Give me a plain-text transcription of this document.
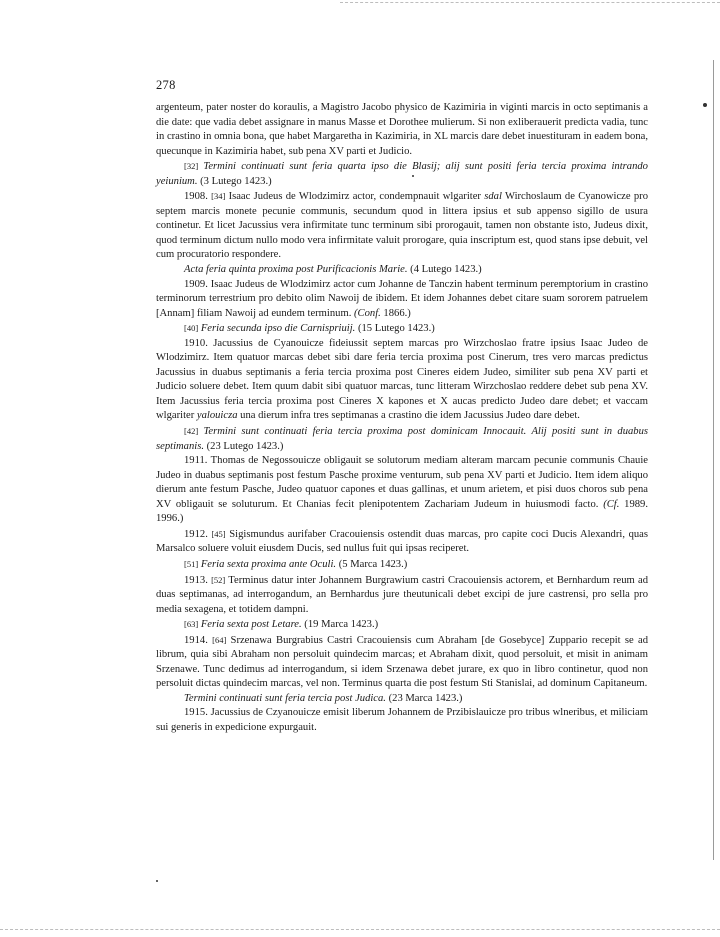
278

argenteum, pater noster do koraulis, a Magistro Jacobo physico de Kazimiria in viginti marcis in octo septimanis a die date: que vadia debet assignare in manus Masse et Dorothee mulierum. Si non exliberauerit predicta vadia, tunc in crastino in omnia bona, que habet Margaretha in Kazimiria, in XL marcis dare debet inuestituram in eadem bona, quecunque in Kazimiria habet, sub pena XV parti et Judicio.

[32] Termini continuati sunt feria quarta ipso die Blasij; alij sunt positi feria tercia proxima intrando yeiunium. (3 Lutego 1423.)

1908. [34] Isaac Judeus de Wlodzimirz actor, condempnauit wlgariter sdal Wirchoslaum de Cyanowicze pro septem marcis monete pecunie communis, secundum quod in littera ipsius et sub appenso sigillo de usura continetur. Et licet Jacussius vera infirmitate tunc terminum sibi prorogauit, tamen non obstante isto, Judeus dixit, quod terminum dictum nullo modo vera infirmitate valuit prorogare, quia inscriptum est, quod stans ipse debuit, vel cum procuratorio respondere.

Acta feria quinta proxima post Purificacionis Marie. (4 Lutego 1423.)

1909. Isaac Judeus de Wlodzimirz actor cum Johanne de Tanczin habent terminum peremptorium in crastino terminorum terrestrium pro debito olim Nawoij de ibidem. Et idem Johannes debet citare suam sororem patruelem [Annam] filiam Nawoij ad eundem terminum. (Conf. 1866.)

[40] Feria secunda ipso die Carnispriuij. (15 Lutego 1423.)

1910. Jacussius de Cyanouicze fideiussit septem marcas pro Wirzchoslao fratre ipsius Isaac Judeo de Wlodzimirz. Item quatuor marcas debet sibi dare feria tercia proxima post Cinerum, tres vero marcas predictus Jacussius in duabus septimanis a feria tercia proxima post Cineres eidem Judeo, similiter sub pena XV parti et Judicio soluere debet. Item quum dabit sibi quatuor marcas, tunc litteram Wirzchoslao reddere debet sub pena XV. Item Jacussius feria tercia proxima post Cineres X kapones et X aucas predicto Judeo dare debet; et vaccam wlgariter yalouicza una dierum infra tres septimanas a crastino die idem Jacussius Judeo dare debet.

[42] Termini sunt continuati feria tercia proxima post dominicam Innocauit. Alij positi sunt in duabus septimanis. (23 Lutego 1423.)

1911. Thomas de Negossouicze obligauit se solutorum mediam alteram marcam pecunie communis Chauie Judeo in duabus septimanis post festum Pasche proxime venturum, sub pena XV parti et Judicio. Item idem aliquo dierum ante festum Pasche, Judeo quatuor capones et duas gallinas, et unum arietem, et pisi duos choros sub pena XV obligauit se soluturum. Et Chanias fecit plenipotentem Zachariam Judeum in huiusmodi facto. (Cf. 1989. 1996.)

1912. [45] Sigismundus aurifaber Cracouiensis ostendit duas marcas, pro capite coci Ducis Alexandri, quas Marsalco soluere voluit eiusdem Ducis, sed nullus fuit qui ipsas reciperet.

[51] Feria sexta proxima ante Oculi. (5 Marca 1423.)

1913. [52] Terminus datur inter Johannem Burgrawium castri Cracouiensis actorem, et Bernhardum reum ad duas septimanas, ad interrogandum, an Bernhardus jure theutunicali debet excipi de jure castrensi, pro sella pro media sexagena, et totidem dampni.

[63] Feria sexta post Letare. (19 Marca 1423.)

1914. [64] Srzenawa Burgrabius Castri Cracouiensis cum Abraham [de Gosebyce] Zuppario recepit se ad librum, quia sibi Abraham non persoluit quindecim marcas; et Abraham dixit, quod persoluit, et misit in animam Srzenawe. Tunc dedimus ad interrogandum, si idem Srzenawa debet jurare, ex quo in libro continetur, quod non persoluit dictas quindecim marcas, vel non. Terminus quarta die post festum Sti Stanislai, ad dominum Capitaneum.

Termini continuati sunt feria tercia post Judica. (23 Marca 1423.)

1915. Jacussius de Czyanouicze emisit liberum Johannem de Przibislauicze pro tribus wlneribus, et miliciam sui generis in expedicione expurgauit.
